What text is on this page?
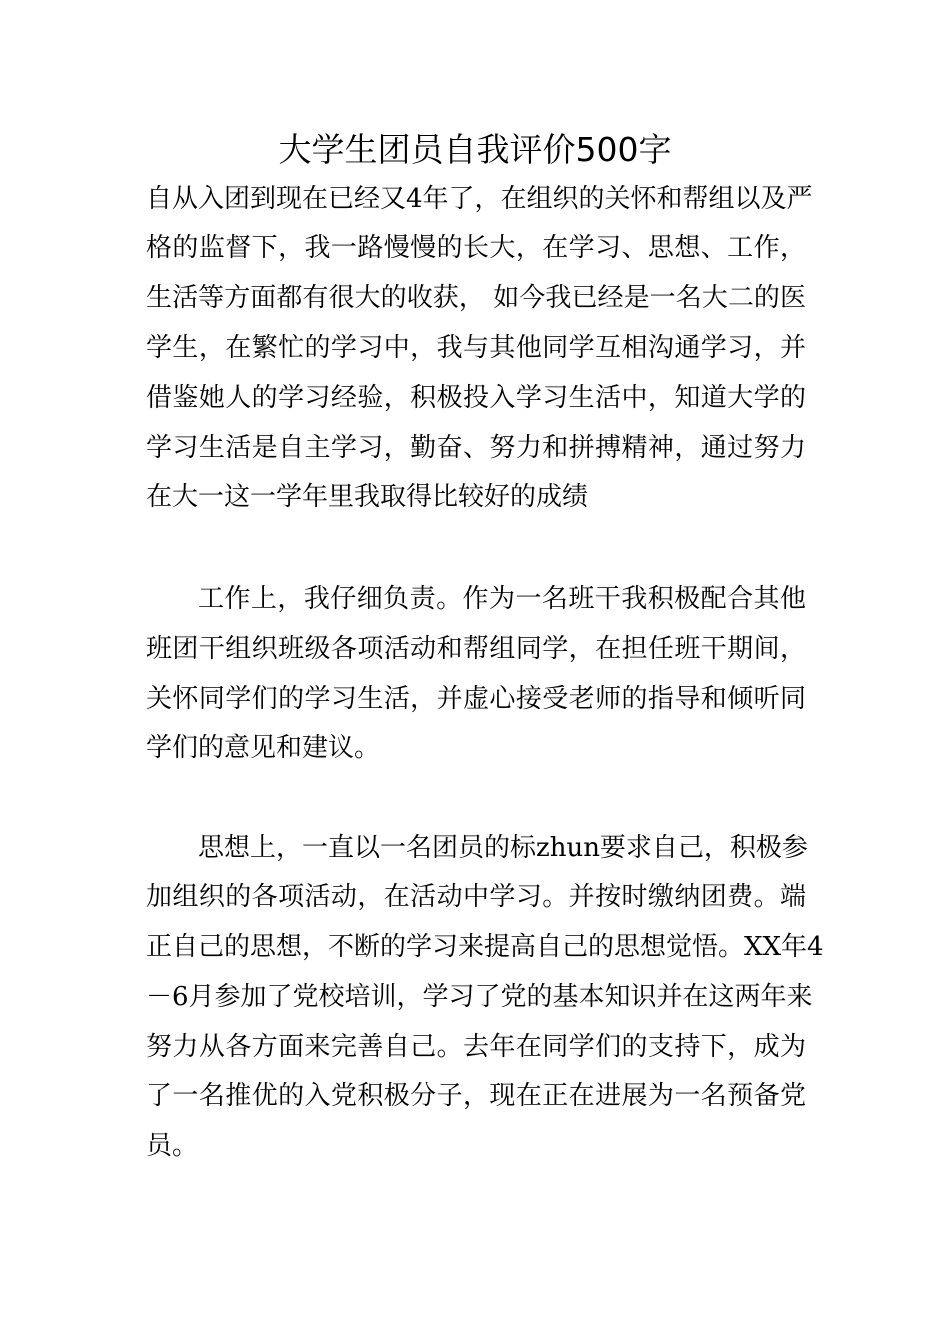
大学生团员自我评价500字

自从入团到现在已经又4年了，在组织的关怀和帮组以及严

格的监督下，我一路慢慢的长大，在学习、思想、工作，

生活等方面都有很大的收获， 如今我已经是一名大二的医

学生，在繁忙的学习中，我与其他同学互相沟通学习，并

借鉴她人的学习经验，积极投入学习生活中，知道大学的

学习生活是自主学习，勤奋、努力和拼搏精神，通过努力

在大一这一学年里我取得比较好的成绩

工作上，我仔细负责。作为一名班干我积极配合其他

班团干组织班级各项活动和帮组同学，在担任班干期间，

关怀同学们的学习生活，并虚心接受老师的指导和倾听同

学们的意见和建议。

思想上，一直以一名团员的标zhun要求自己，积极参

加组织的各项活动，在活动中学习。并按时缴纳团费。端

正自己的思想，不断的学习来提高自己的思想觉悟。XX年4

－6月参加了党校培训，学习了党的基本知识并在这两年来

努力从各方面来完善自己。去年在同学们的支持下，成为

了一名推优的入党积极分子，现在正在进展为一名预备党

员。
